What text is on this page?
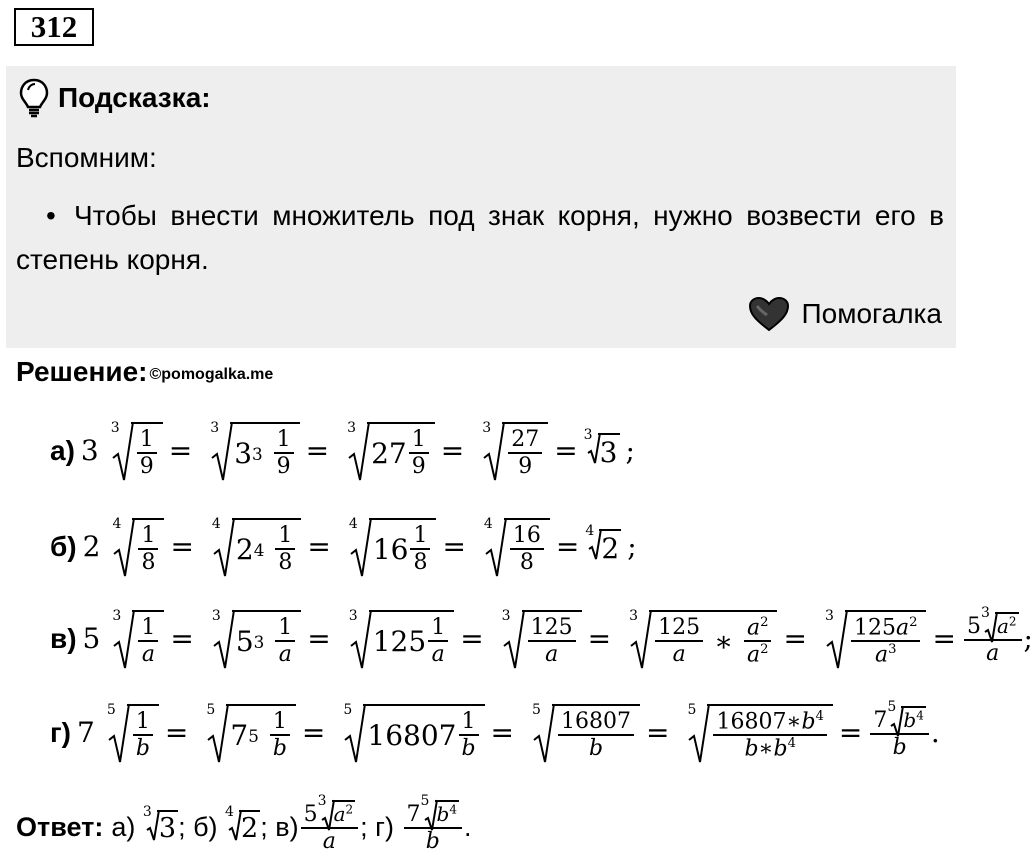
312
Подсказка:
Вспомним:
• Чтобы внести множитель под знак корня, нужно возвести его в степень корня.
Помогалка
Решение: ©pomogalka.me
а) 3
$3 \frac{1}{9}$ =
3
3 3
$\frac{1}{9}$ =
3
$27 \frac{1}{9}$ =
$3 \frac{27}{9} = 3$
3 ;
б) 2
$4 \frac{1}{8}$ =
4
2 4
$\frac{1}{8}$ =
4
$16 \frac{1}{8}$ =
$4 \frac{16}{8} = 4$
2 ;
в) 5
$3 \frac{1}{a}$ =
3
5 3
$\frac{1}{a}$ =
3
$125 \frac{1}{a}$ =
$3 \frac{125}{a}$ =
3
$\frac{125}{a}$ ∗ $\frac{a^2}{a^2}$ =
$3 \frac{125a^2}{a^3} = 5$
3
$a^2$
a ;
г) 7
$5 \frac{1}{b}$ =
5
7 5
$\frac{1}{b}$ =
5
$16807 \frac{1}{b}$ =
$5 \frac{16807}{b}$ =
$5 \frac{16807∗b^4}{b∗b^4} = 7$
5
$b^4$
b .
Ответ: а)
3
3 ; б)
4
2 ; в) 5
3
$a^2$
a ; г)
7
5
$b^4$
b .
